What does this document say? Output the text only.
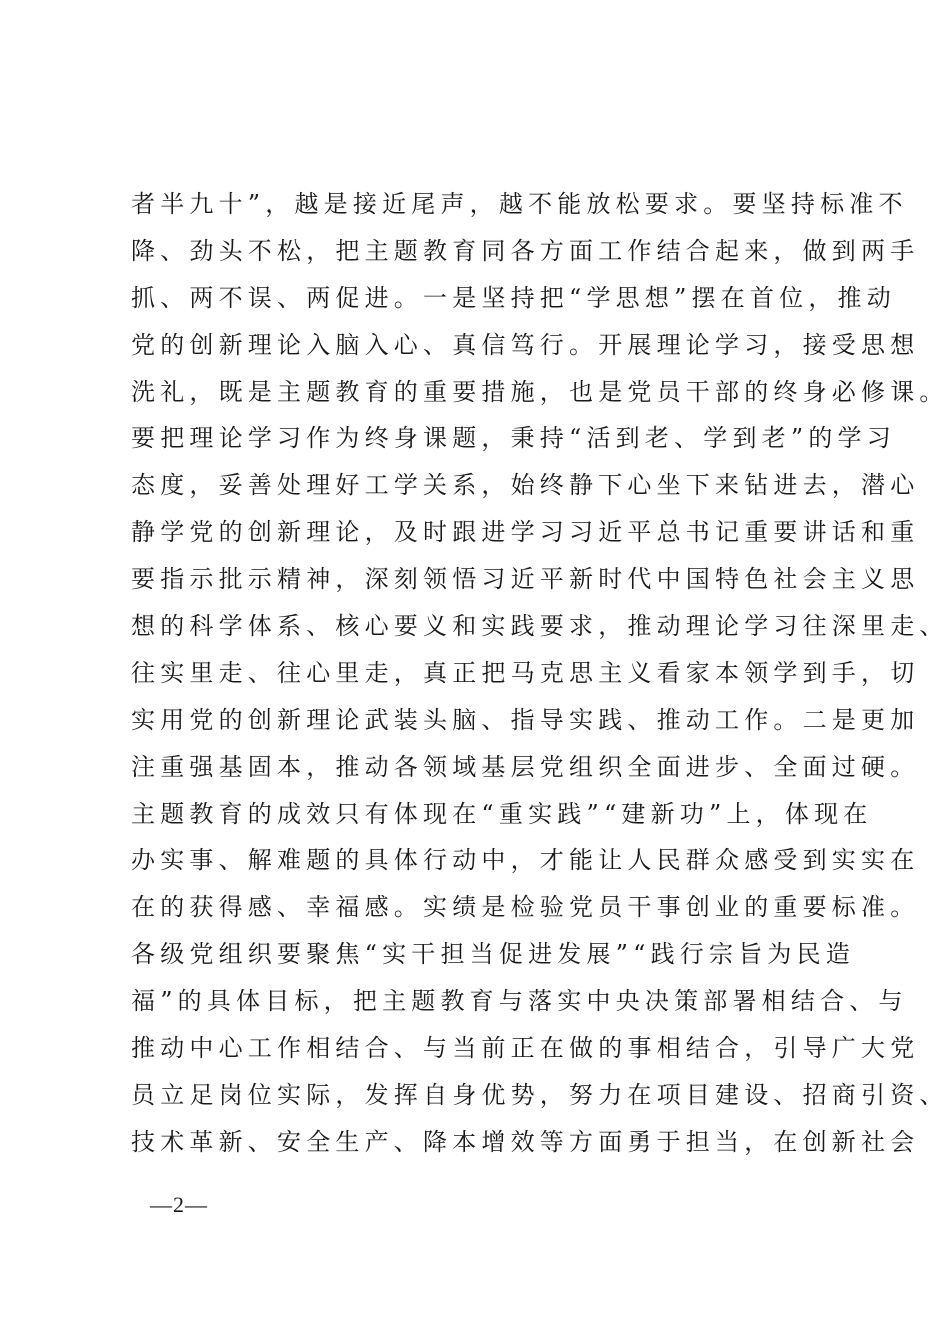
者半九十”，越是接近尾声，越不能放松要求。要坚持标准不
降、劲头不松，把主题教育同各方面工作结合起来，做到两手
抓、两不误、两促进。一是坚持把“学思想”摆在首位，推动
党的创新理论入脑入心、真信笃行。开展理论学习，接受思想
洗礼，既是主题教育的重要措施，也是党员干部的终身必修课。
要把理论学习作为终身课题，秉持“活到老、学到老”的学习
态度，妥善处理好工学关系，始终静下心坐下来钻进去，潜心
静学党的创新理论，及时跟进学习习近平总书记重要讲话和重
要指示批示精神，深刻领悟习近平新时代中国特色社会主义思
想的科学体系、核心要义和实践要求，推动理论学习往深里走、
往实里走、往心里走，真正把马克思主义看家本领学到手，切
实用党的创新理论武装头脑、指导实践、推动工作。二是更加
注重强基固本，推动各领域基层党组织全面进步、全面过硬。
主题教育的成效只有体现在“重实践”“建新功”上，体现在
办实事、解难题的具体行动中，才能让人民群众感受到实实在
在的获得感、幸福感。实绩是检验党员干事创业的重要标准。
各级党组织要聚焦“实干担当促进发展”“践行宗旨为民造
福”的具体目标，把主题教育与落实中央决策部署相结合、与
推动中心工作相结合、与当前正在做的事相结合，引导广大党
员立足岗位实际，发挥自身优势，努力在项目建设、招商引资、
技术革新、安全生产、降本增效等方面勇于担当，在创新社会
—2—
